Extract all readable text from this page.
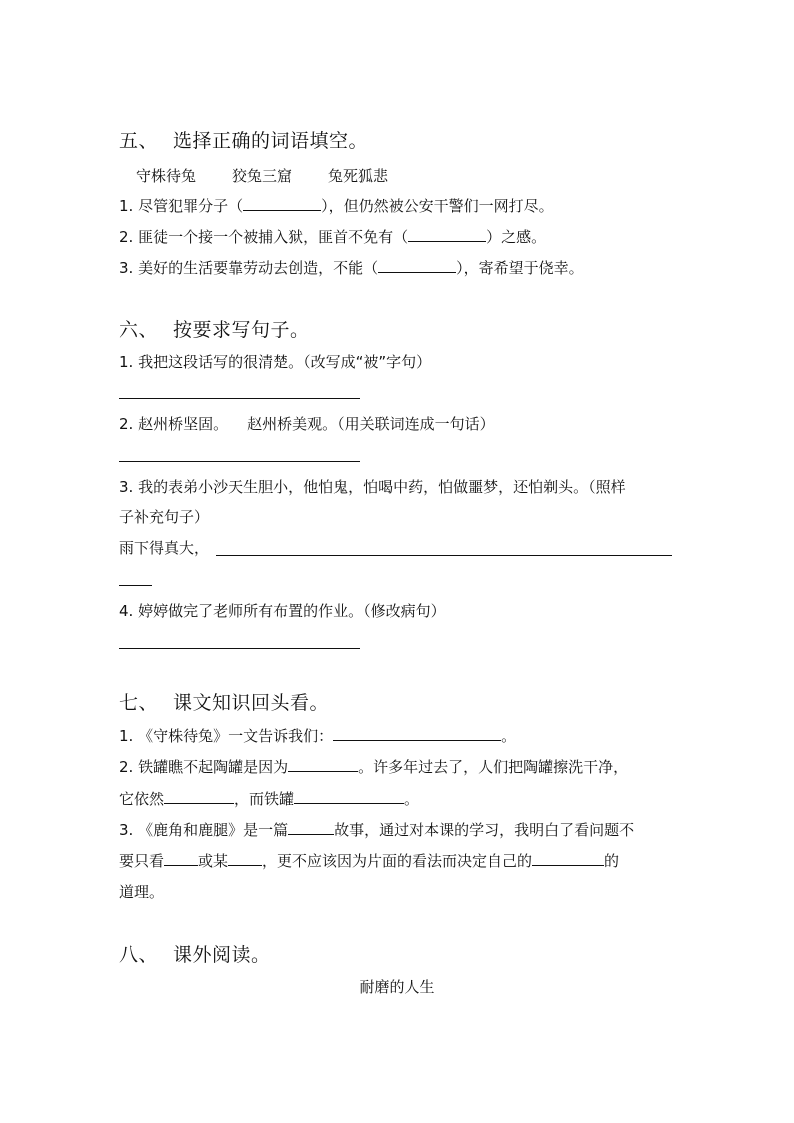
五、 选择正确的词语填空。
守株待兔 狡兔三窟 兔死狐悲
1. 尽管犯罪分子（	），但仍然被公安干警们一网打尽。
2. 匪徒一个接一个被捕入狱，匪首不免有（	）之感。
3. 美好的生活要靠劳动去创造，不能（	），寄希望于侥幸。
六、 按要求写句子。
1. 我把这段话写的很清楚。（改写成“被”字句）
2. 赵州桥坚固。    赵州桥美观。（用关联词连成一句话）
3. 我的表弟小沙天生胆小，他怕鬼，怕喝中药，怕做噩梦，还怕剃头。（照样
子补充句子）
雨下得真大，
4. 婷婷做完了老师所有布置的作业。（修改病句）
七、 课文知识回头看。
1. 《守株待兔》一文告诉我们：	。
2. 铁罐瞧不起陶罐是因为	。许多年过去了，人们把陶罐擦洗干净，
它依然	，而铁罐	。
3. 《鹿角和鹿腿》是一篇	故事，通过对本课的学习，我明白了看问题不
要只看 或某 ，更不应该因为片面的看法而决定自己的	的
道理。
八、 课外阅读。
耐磨的人生
